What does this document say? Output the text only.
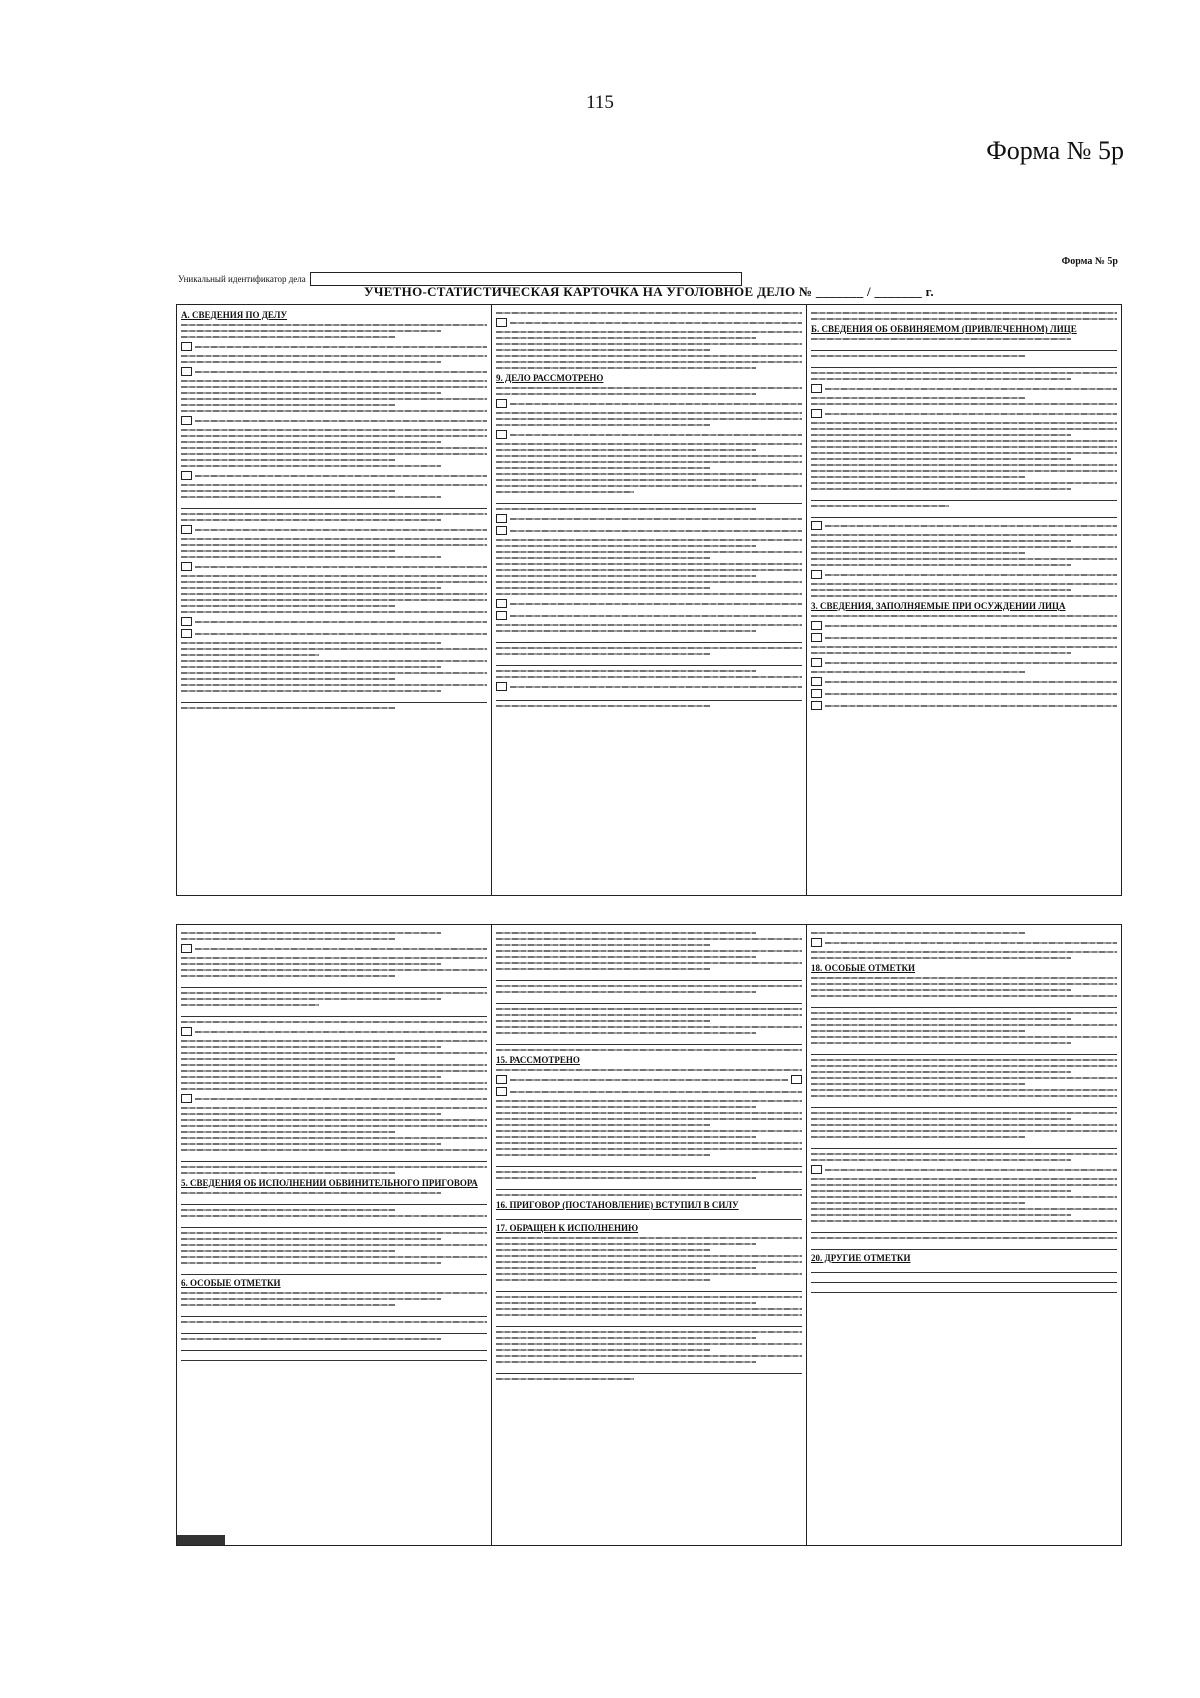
115
Форма № 5р
Форма № 5р
Уникальный идентификатор дела
УЧЕТНО-СТАТИСТИЧЕСКАЯ КАРТОЧКА НА УГОЛОВНОЕ ДЕЛО № _______ / _______ г.
А. СВЕДЕНИЯ ПО ДЕЛУ
9. ДЕЛО РАССМОТРЕНО
Б. СВЕДЕНИЯ ОБ ОБВИНЯЕМОМ (ПРИВЛЕЧЕННОМ) ЛИЦЕ
3. СВЕДЕНИЯ, ЗАПОЛНЯЕМЫЕ ПРИ ОСУЖДЕНИИ ЛИЦА
5. СВЕДЕНИЯ ОБ ИСПОЛНЕНИИ ОБВИНИТЕЛЬНОГО ПРИГОВОРА
6. ОСОБЫЕ ОТМЕТКИ
15. РАССМОТРЕНО
16. ПРИГОВОР (ПОСТАНОВЛЕНИЕ) ВСТУПИЛ В СИЛУ
17. ОБРАЩЕН К ИСПОЛНЕНИЮ
18. ОСОБЫЕ ОТМЕТКИ
20. ДРУГИЕ ОТМЕТКИ
